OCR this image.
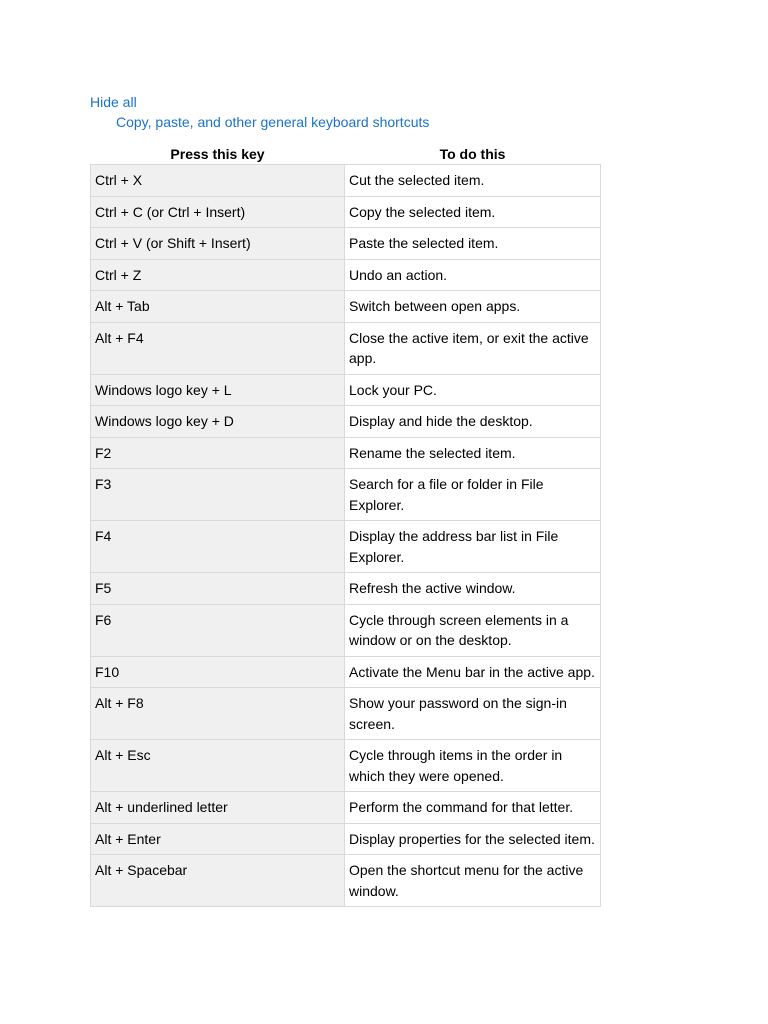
Hide all
Copy, paste, and other general keyboard shortcuts
Press this key	To do this
Ctrl + X	Cut the selected item.
Ctrl + C (or Ctrl + Insert)	Copy the selected item.
Ctrl + V (or Shift + Insert)	Paste the selected item.
Ctrl + Z	Undo an action.
Alt + Tab	Switch between open apps.
Alt + F4	Close the active item, or exit the active app.
Windows logo key + L	Lock your PC.
Windows logo key + D	Display and hide the desktop.
F2	Rename the selected item.
F3	Search for a file or folder in File Explorer.
F4	Display the address bar list in File Explorer.
F5	Refresh the active window.
F6	Cycle through screen elements in a window or on the desktop.
F10	Activate the Menu bar in the active app.
Alt + F8	Show your password on the sign-in screen.
Alt + Esc	Cycle through items in the order in which they were opened.
Alt + underlined letter	Perform the command for that letter.
Alt + Enter	Display properties for the selected item.
Alt + Spacebar	Open the shortcut menu for the active window.
